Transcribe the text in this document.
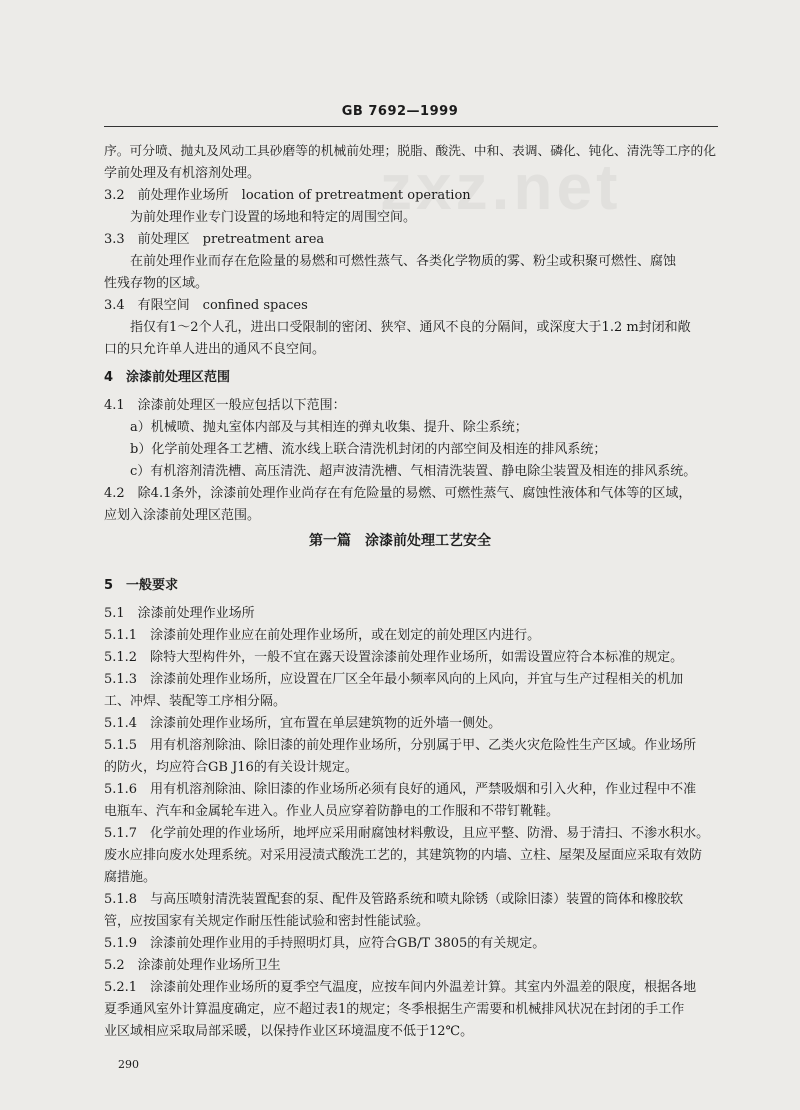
GB 7692—1999
zxz.net
序。可分喷、抛丸及风动工具砂磨等的机械前处理；脱脂、酸洗、中和、表调、磷化、钝化、清洗等工序的化
学前处理及有机溶剂处理。
3.2　前处理作业场所　location of pretreatment operation
为前处理作业专门设置的场地和特定的周围空间。
3.3　前处理区　pretreatment area
在前处理作业而存在危险量的易燃和可燃性蒸气、各类化学物质的雾、粉尘或积聚可燃性、腐蚀
性残存物的区域。
3.4　有限空间　confined spaces
指仅有1～2个人孔，进出口受限制的密闭、狭窄、通风不良的分隔间，或深度大于1.2 m封闭和敞
口的只允许单人进出的通风不良空间。
4　涂漆前处理区范围
4.1　涂漆前处理区一般应包括以下范围：
a）机械喷、抛丸室体内部及与其相连的弹丸收集、提升、除尘系统；
b）化学前处理各工艺槽、流水线上联合清洗机封闭的内部空间及相连的排风系统；
c）有机溶剂清洗槽、高压清洗、超声波清洗槽、气相清洗装置、静电除尘装置及相连的排风系统。
4.2　除4.1条外，涂漆前处理作业尚存在有危险量的易燃、可燃性蒸气、腐蚀性液体和气体等的区域，
应划入涂漆前处理区范围。
5　一般要求
5.1　涂漆前处理作业场所
5.1.1　涂漆前处理作业应在前处理作业场所，或在划定的前处理区内进行。
5.1.2　除特大型构件外，一般不宜在露天设置涂漆前处理作业场所，如需设置应符合本标准的规定。
5.1.3　涂漆前处理作业场所，应设置在厂区全年最小频率风向的上风向，并宜与生产过程相关的机加
工、冲焊、装配等工序相分隔。
5.1.4　涂漆前处理作业场所，宜布置在单层建筑物的近外墙一侧处。
5.1.5　用有机溶剂除油、除旧漆的前处理作业场所，分别属于甲、乙类火灾危险性生产区域。作业场所
的防火，均应符合GB J16的有关设计规定。
5.1.6　用有机溶剂除油、除旧漆的作业场所必须有良好的通风，严禁吸烟和引入火种，作业过程中不准
电瓶车、汽车和金属轮车进入。作业人员应穿着防静电的工作服和不带钉靴鞋。
5.1.7　化学前处理的作业场所，地坪应采用耐腐蚀材料敷设，且应平整、防滑、易于清扫、不渗水积水。
废水应排向废水处理系统。对采用浸渍式酸洗工艺的，其建筑物的内墙、立柱、屋架及屋面应采取有效防
腐措施。
5.1.8　与高压喷射清洗装置配套的泵、配件及管路系统和喷丸除锈（或除旧漆）装置的筒体和橡胶软
管，应按国家有关规定作耐压性能试验和密封性能试验。
5.1.9　涂漆前处理作业用的手持照明灯具，应符合GB/T 3805的有关规定。
5.2　涂漆前处理作业场所卫生
5.2.1　涂漆前处理作业场所的夏季空气温度，应按车间内外温差计算。其室内外温差的限度，根据各地
夏季通风室外计算温度确定，应不超过表1的规定；冬季根据生产需要和机械排风状况在封闭的手工作
业区域相应采取局部采暖，以保持作业区环境温度不低于12℃。
第一篇　涂漆前处理工艺安全
290
